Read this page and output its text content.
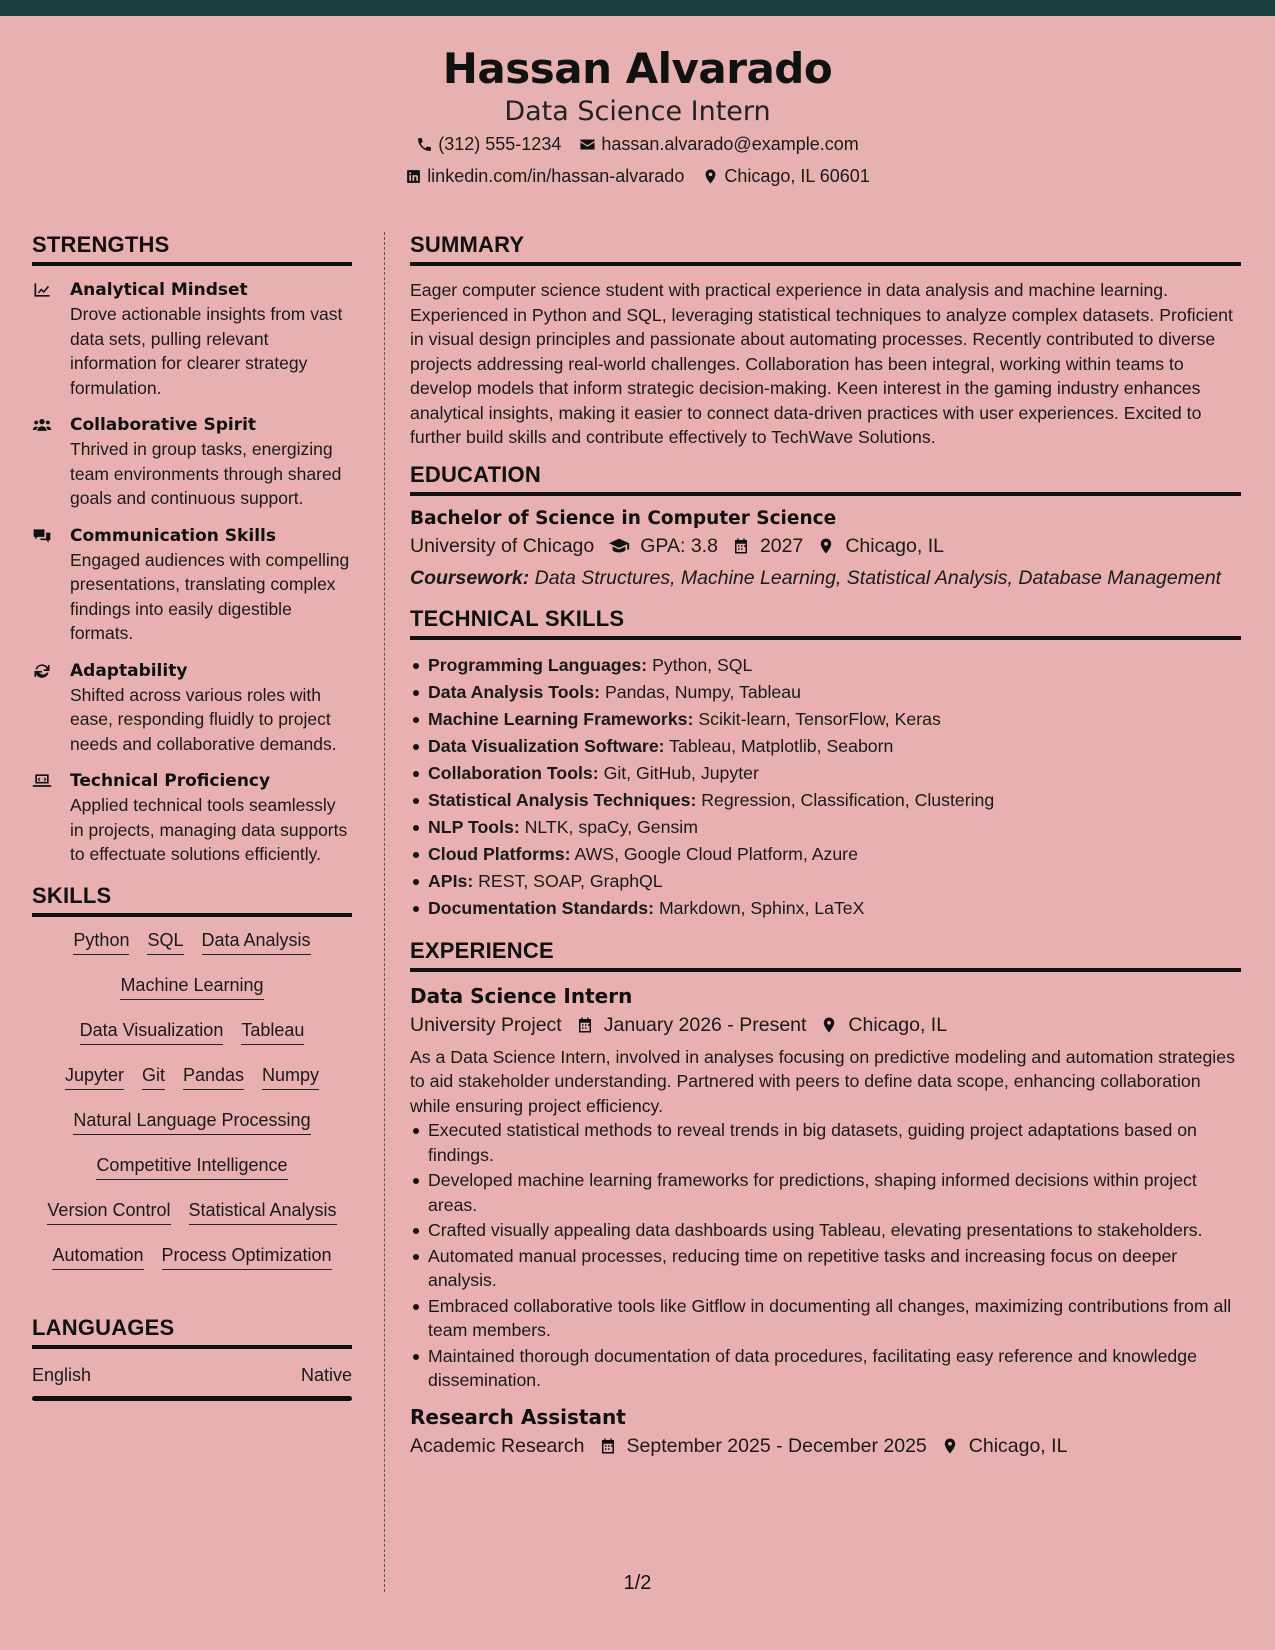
Hassan Alvarado
Data Science Intern
(312) 555-1234 hassan.alvarado@example.com
linkedin.com/in/hassan-alvarado Chicago, IL 60601
STRENGTHS
Analytical Mindset
Drove actionable insights from vast data sets, pulling relevant information for clearer strategy formulation.
Collaborative Spirit
Thrived in group tasks, energizing team environments through shared goals and continuous support.
Communication Skills
Engaged audiences with compelling presentations, translating complex findings into easily digestible formats.
Adaptability
Shifted across various roles with ease, responding fluidly to project needs and collaborative demands.
Technical Proficiency
Applied technical tools seamlessly in projects, managing data supports to effectuate solutions efficiently.
SKILLS
Python SQL Data Analysis
Machine Learning
Data Visualization Tableau
Jupyter Git Pandas Numpy
Natural Language Processing
Competitive Intelligence
Version Control Statistical Analysis
Automation Process Optimization
LANGUAGES
English	Native
SUMMARY
Eager computer science student with practical experience in data analysis and machine learning. Experienced in Python and SQL, leveraging statistical techniques to analyze complex datasets. Proficient in visual design principles and passionate about automating processes. Recently contributed to diverse projects addressing real-world challenges. Collaboration has been integral, working within teams to develop models that inform strategic decision-making. Keen interest in the gaming industry enhances analytical insights, making it easier to connect data-driven practices with user experiences. Excited to further build skills and contribute effectively to TechWave Solutions.
EDUCATION
Bachelor of Science in Computer Science
University of Chicago GPA: 3.8 2027 Chicago, IL
Coursework: Data Structures, Machine Learning, Statistical Analysis, Database Management
TECHNICAL SKILLS
Programming Languages: Python, SQL
Data Analysis Tools: Pandas, Numpy, Tableau
Machine Learning Frameworks: Scikit-learn, TensorFlow, Keras
Data Visualization Software: Tableau, Matplotlib, Seaborn
Collaboration Tools: Git, GitHub, Jupyter
Statistical Analysis Techniques: Regression, Classification, Clustering
NLP Tools: NLTK, spaCy, Gensim
Cloud Platforms: AWS, Google Cloud Platform, Azure
APIs: REST, SOAP, GraphQL
Documentation Standards: Markdown, Sphinx, LaTeX
EXPERIENCE
Data Science Intern
University Project January 2026 - Present Chicago, IL
As a Data Science Intern, involved in analyses focusing on predictive modeling and automation strategies to aid stakeholder understanding. Partnered with peers to define data scope, enhancing collaboration while ensuring project efficiency.
Executed statistical methods to reveal trends in big datasets, guiding project adaptations based on findings.
Developed machine learning frameworks for predictions, shaping informed decisions within project areas.
Crafted visually appealing data dashboards using Tableau, elevating presentations to stakeholders.
Automated manual processes, reducing time on repetitive tasks and increasing focus on deeper analysis.
Embraced collaborative tools like Gitflow in documenting all changes, maximizing contributions from all team members.
Maintained thorough documentation of data procedures, facilitating easy reference and knowledge dissemination.
Research Assistant
Academic Research September 2025 - December 2025 Chicago, IL
1/2
